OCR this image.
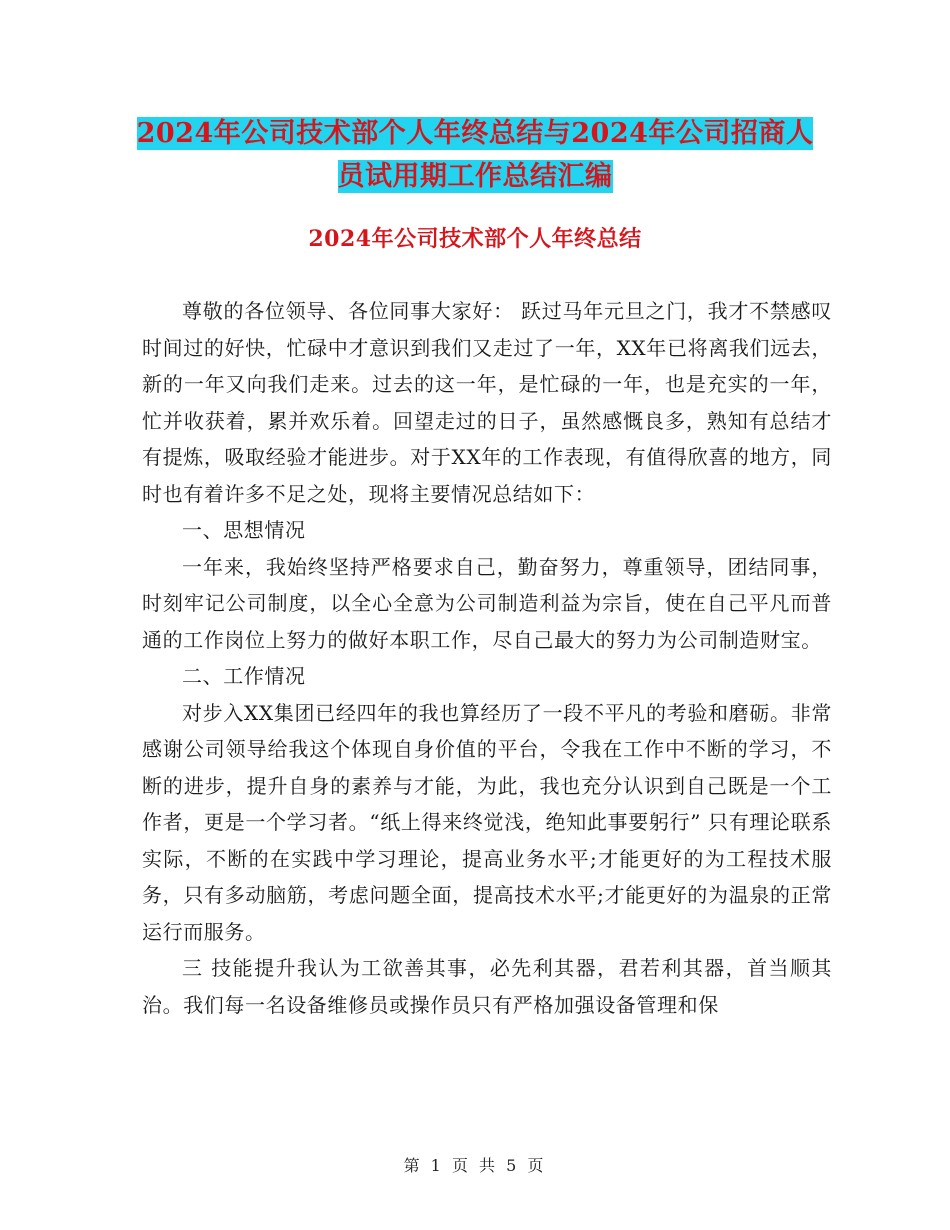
2024年公司技术部个人年终总结与2024年公司招商人
员试用期工作总结汇编
2024年公司技术部个人年终总结

尊敬的各位领导、各位同事大家好： 跃过马年元旦之门，我才不禁感叹时间过的好快，忙碌中才意识到我们又走过了一年，XX年已将离我们远去，新的一年又向我们走来。过去的这一年，是忙碌的一年，也是充实的一年，忙并收获着，累并欢乐着。回望走过的日子，虽然感慨良多，熟知有总结才有提炼，吸取经验才能进步。对于XX年的工作表现，有值得欣喜的地方，同时也有着许多不足之处，现将主要情况总结如下：

一、思想情况

一年来，我始终坚持严格要求自己，勤奋努力，尊重领导，团结同事，时刻牢记公司制度，以全心全意为公司制造利益为宗旨，使在自己平凡而普通的工作岗位上努力的做好本职工作，尽自己最大的努力为公司制造财宝。

二、工作情况

对步入XX集团已经四年的我也算经历了一段不平凡的考验和磨砺。非常感谢公司领导给我这个体现自身价值的平台，令我在工作中不断的学习，不断的进步，提升自身的素养与才能，为此，我也充分认识到自己既是一个工作者，更是一个学习者。“纸上得来终觉浅，绝知此事要躬行” 只有理论联系实际，不断的在实践中学习理论，提高业务水平;才能更好的为工程技术服务，只有多动脑筋，考虑问题全面，提高技术水平;才能更好的为温泉的正常运行而服务。

三 技能提升我认为工欲善其事，必先利其器，君若利其器，首当顺其治。我们每一名设备维修员或操作员只有严格加强设备管理和保

第 1 页 共 5 页
